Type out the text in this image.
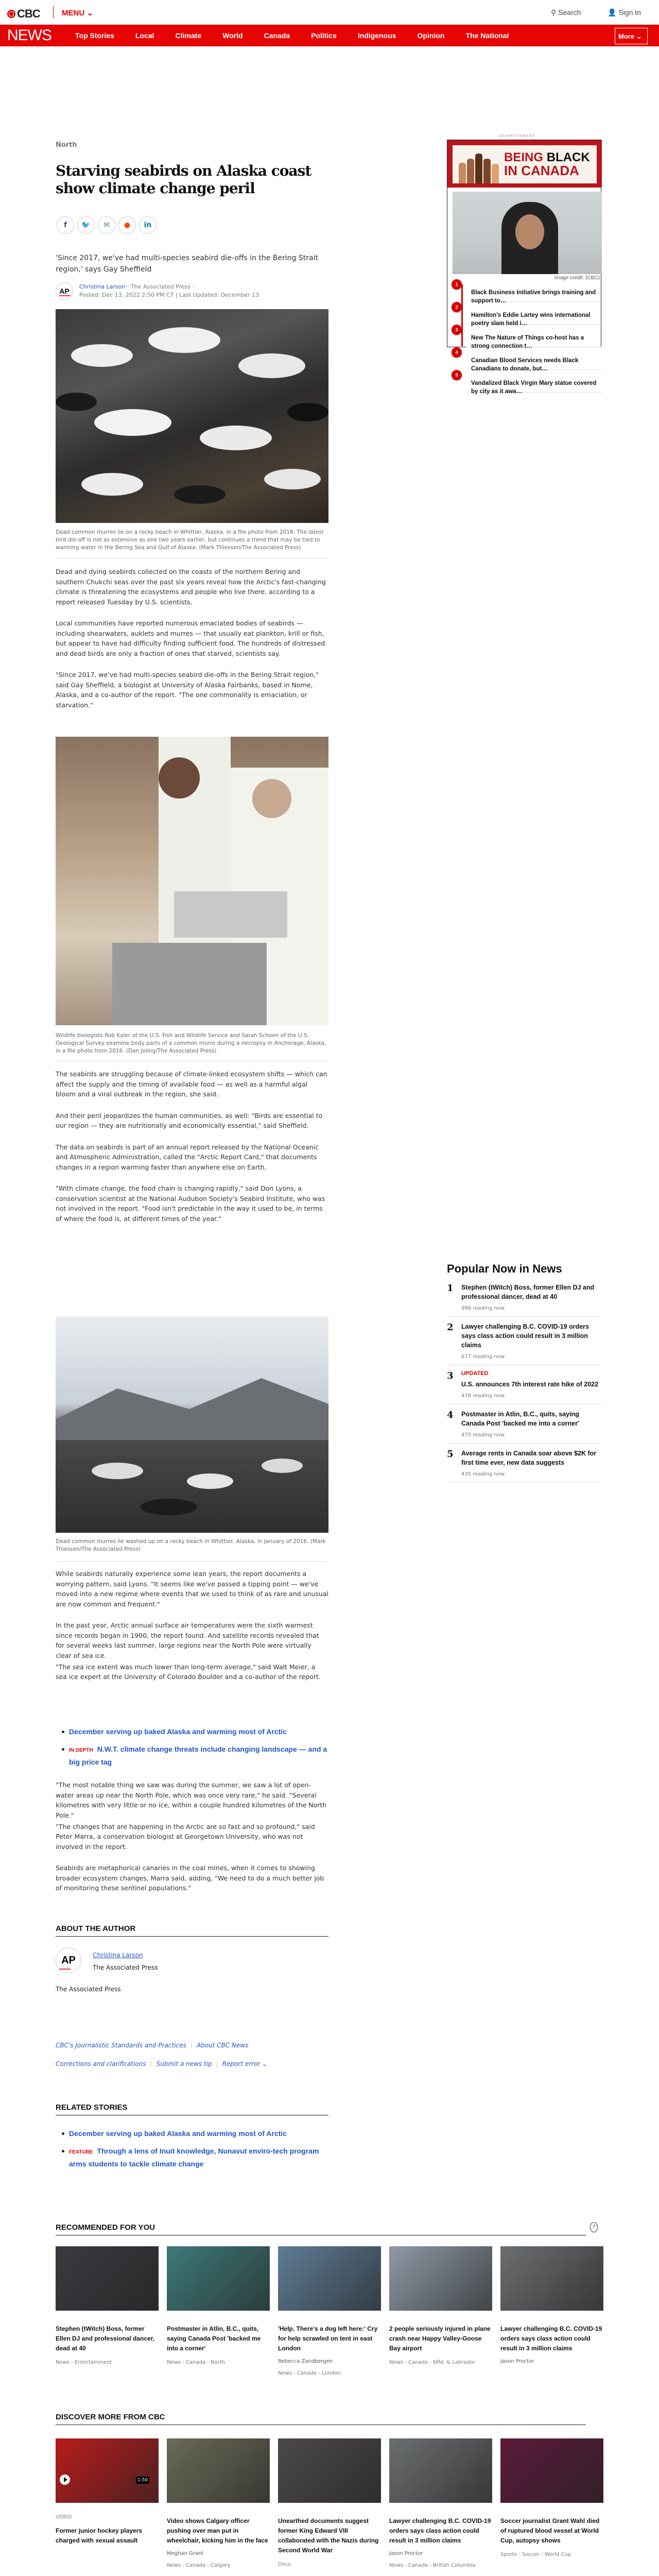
CBC	MENU ⌄	⚲ Search	👤 Sign In
NEWS	Top Stories	Local	Climate	World	Canada	Politics	Indigenous	Opinion	The National	More ⌄
North
Starving seabirds on Alaska coast show climate change peril
f	🐦	✉	●	in

'Since 2017, we've had multi-species seabird die-offs in the Bering Strait region,' says Gay Sheffield

AP
Christina Larson · The Associated Press ·
Posted: Dec 13, 2022 2:50 PM CT | Last Updated: December 13

Dead common murres lie on a rocky beach in Whittier, Alaska, in a file photo from 2016. The latest bird die-off is not as extensive as one two years earlier, but continues a trend that may be tied to warming water in the Bering Sea and Gulf of Alaska. (Mark Thiessen/The Associated Press)

Dead and dying seabirds collected on the coasts of the northern Bering and southern Chukchi seas over the past six years reveal how the Arctic's fast-changing climate is threatening the ecosystems and people who live there, according to a report released Tuesday by U.S. scientists.

Local communities have reported numerous emaciated bodies of seabirds — including shearwaters, auklets and murres — that usually eat plankton, krill or fish, but appear to have had difficulty finding sufficient food. The hundreds of distressed and dead birds are only a fraction of ones that starved, scientists say.

"Since 2017, we've had multi-species seabird die-offs in the Bering Strait region," said Gay Sheffield, a biologist at University of Alaska Fairbanks, based in Nome, Alaska, and a co-author of the report. "The one commonality is emaciation, or starvation."

Wildlife biologists Rob Kaler of the U.S. Fish and Wildlife Service and Sarah Schoen of the U.S. Geological Survey examine body parts of a common murre during a necropsy in Anchorage, Alaska, in a file photo from 2016. (Dan Joling/The Associated Press)

The seabirds are struggling because of climate-linked ecosystem shifts — which can affect the supply and the timing of available food — as well as a harmful algal bloom and a viral outbreak in the region, she said.

And their peril jeopardizes the human communities, as well: "Birds are essential to our region — they are nutritionally and economically essential," said Sheffield.

The data on seabirds is part of an annual report released by the National Oceanic and Atmospheric Administration, called the "Arctic Report Card," that documents changes in a region warming faster than anywhere else on Earth.

"With climate change, the food chain is changing rapidly," said Don Lyons, a conservation scientist at the National Audubon Society's Seabird Institute, who was not involved in the report. "Food isn't predictable in the way it used to be, in terms of where the food is, at different times of the year."

Dead common murres lie washed up on a rocky beach in Whittier, Alaska, in January of 2016. (Mark Thiessen/The Associated Press)

While seabirds naturally experience some lean years, the report documents a worrying pattern, said Lyons. "It seems like we've passed a tipping point — we've moved into a new regime where events that we used to think of as rare and unusual are now common and frequent."

In the past year, Arctic annual surface air temperatures were the sixth warmest since records began in 1900, the report found. And satellite records revealed that for several weeks last summer, large regions near the North Pole were virtually clear of sea ice.

"The sea ice extent was much lower than long-term average," said Walt Meier, a sea ice expert at the University of Colorado Boulder and a co-author of the report.

December serving up baked Alaska and warming most of Arctic
IN DEPTH N.W.T. climate change threats include changing landscape — and a big price tag

"The most notable thing we saw was during the summer, we saw a lot of open-water areas up near the North Pole, which was once very rare," he said. "Several kilometres with very little or no ice, within a couple hundred kilometres of the North Pole."

"The changes that are happening in the Arctic are so fast and so profound," said Peter Marra, a conservation biologist at Georgetown University, who was not involved in the report.

Seabirds are metaphorical canaries in the coal mines, when it comes to showing broader ecosystem changes, Marra said, adding, "We need to do a much better job of monitoring these sentinel populations."

ABOUT THE AUTHOR
AP	Christina Larson
The Associated Press
The Associated Press
CBC's Journalistic Standards and Practices | About CBC News
Corrections and clarifications | Submit a news tip | Report error ⌄
RELATED STORIES
December serving up baked Alaska and warming most of Arctic
FEATURE Through a lens of Inuit knowledge, Nunavut enviro-tech program arms students to tackle climate change
RECOMMENDED FOR YOU	?
Stephen (tWitch) Boss, former Ellen DJ and professional dancer, dead at 40
News - Entertainment
Postmaster in Atlin, B.C., quits, saying Canada Post 'backed me into a corner'
News - Canada - North
'Help. There's a dog left here:' Cry for help scrawled on tent in east London
Rebecca Zandbergen
News - Canada - London
2 people seriously injured in plane crash near Happy Valley-Goose Bay airport
News - Canada - Nfld. & Labrador
Lawyer challenging B.C. COVID-19 orders says class action could result in 3 million claims
Jason Proctor
DISCOVER MORE FROM CBC
1:50
VIDEO
Former junior hockey players charged with sexual assault
Video shows Calgary officer pushing over man put in wheelchair, kicking him in the face
Meghan Grant
News - Canada - Calgary
Unearthed documents suggest former King Edward VIII collaborated with the Nazis during Second World War
Docs
Lawyer challenging B.C. COVID-19 orders says class action could result in 3 million claims
Jason Proctor
News - Canada - British Columbia
Soccer journalist Grant Wahl died of ruptured blood vessel at World Cup, autopsy shows
Sports - Soccer - World Cup
ADVERTISEMENT
BEING BLACK
IN CANADA
Image credit: (CBC)
1
Black Business Initiative brings training and support to…
2
Hamilton's Eddie Lartey wins international poetry slam held i…
3
New The Nature of Things co-host has a strong connection t…
4
Canadian Blood Services needs Black Canadians to donate, but…
5
Vandalized Black Virgin Mary statue covered by city as it awa…
Popular Now in News
1 Stephen (tWitch) Boss, former Ellen DJ and professional dancer, dead at 40
996 reading now
2 Lawyer challenging B.C. COVID-19 orders says class action could result in 3 million claims
677 reading now
3 UPDATED
U.S. announces 7th interest rate hike of 2022
478 reading now
4 Postmaster in Atlin, B.C., quits, saying Canada Post 'backed me into a corner'
475 reading now
5 Average rents in Canada soar above $2K for first time ever, new data suggests
435 reading now
